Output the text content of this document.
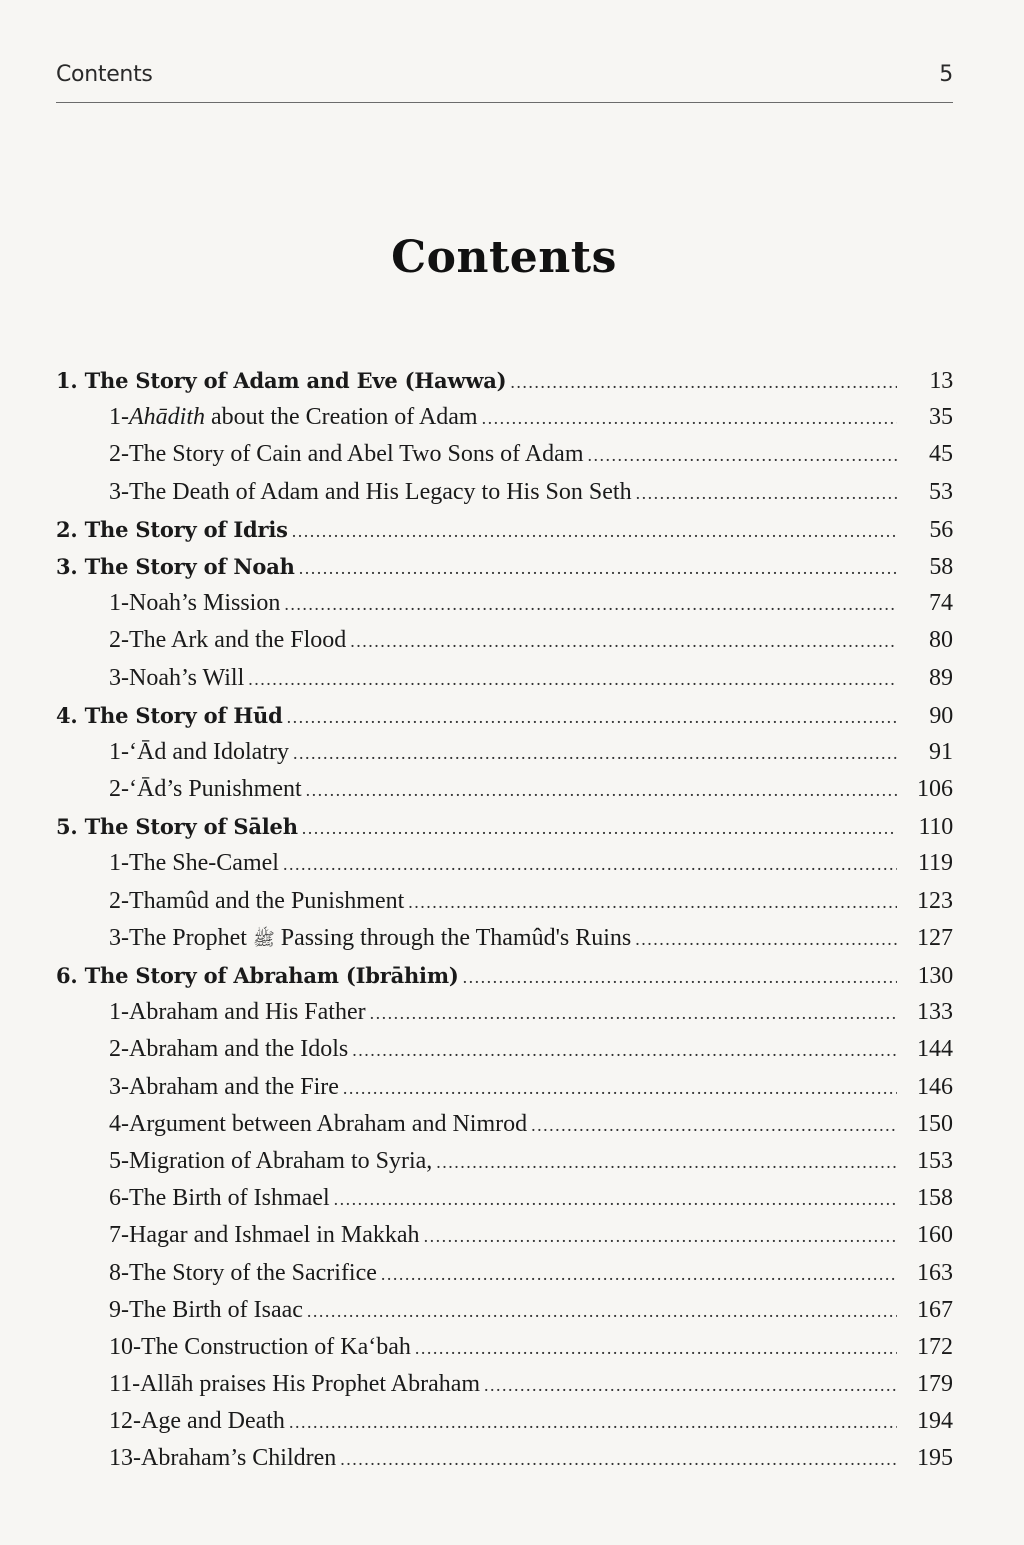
Contents	5
Contents
1. The Story of Adam and Eve (Hawwa) .....	13
1-Ahādith about the Creation of Adam .....	35
2-The Story of Cain and Abel Two Sons of Adam .....	45
3-The Death of Adam and His Legacy to His Son Seth .....	53
2. The Story of Idris .....	56
3. The Story of Noah .....	58
1-Noah’s Mission .....	74
2-The Ark and the Flood .....	80
3-Noah’s Will .....	89
4. The Story of Hūd .....	90
1-‘Ād and Idolatry .....	91
2-‘Ād’s Punishment .....	106
5. The Story of Sāleh .....	110
1-The She-Camel .....	119
2-Thamûd and the Punishment .....	123
3-The Prophet ﷺ Passing through the Thamûd's Ruins .....	127
6. The Story of Abraham (Ibrāhim) .....	130
1-Abraham and His Father .....	133
2-Abraham and the Idols .....	144
3-Abraham and the Fire .....	146
4-Argument between Abraham and Nimrod .....	150
5-Migration of Abraham to Syria, .....	153
6-The Birth of Ishmael .....	158
7-Hagar and Ishmael in Makkah .....	160
8-The Story of the Sacrifice .....	163
9-The Birth of Isaac .....	167
10-The Construction of Ka‘bah .....	172
11-Allāh praises His Prophet Abraham .....	179
12-Age and Death .....	194
13-Abraham’s Children .....	195
